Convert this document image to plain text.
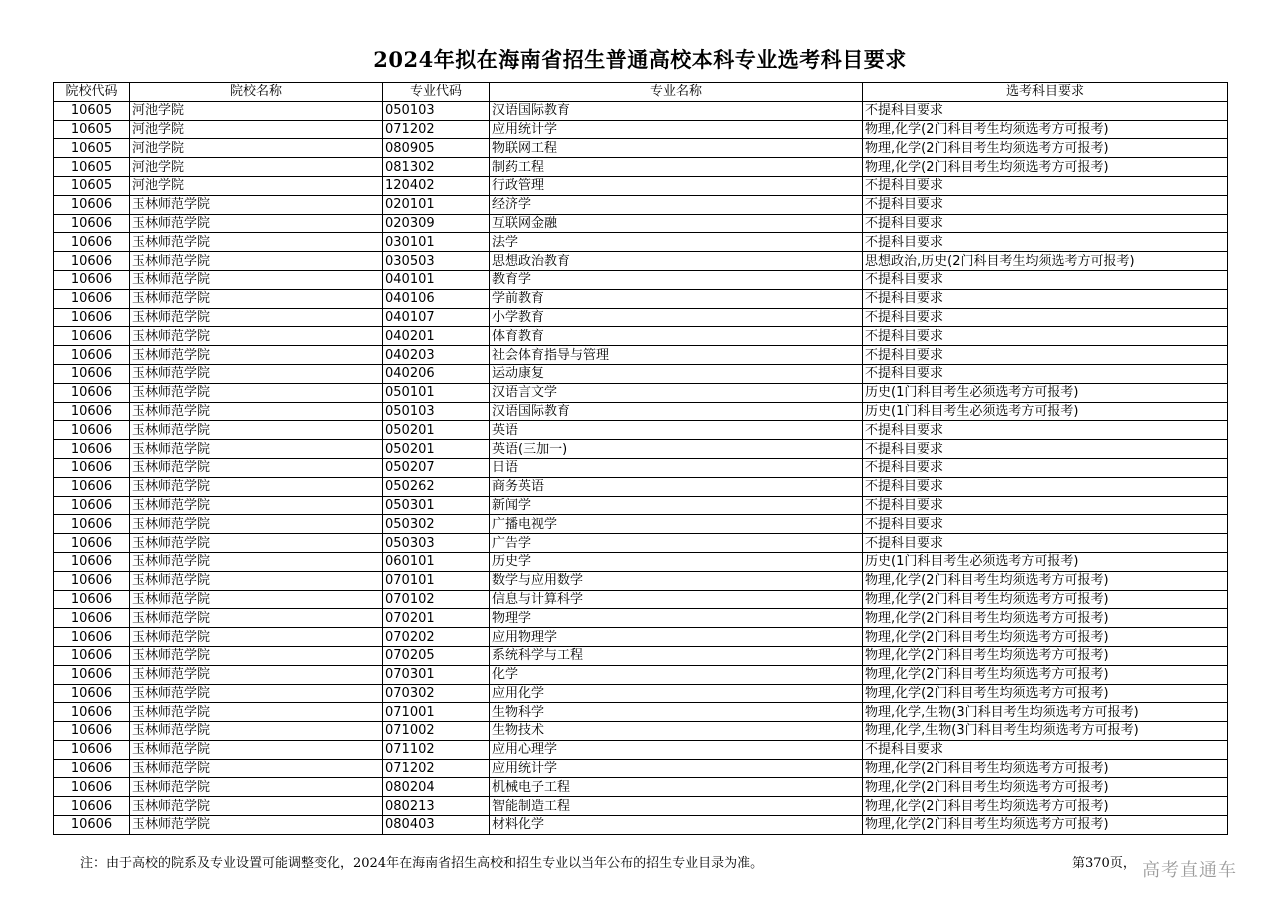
2024年拟在海南省招生普通高校本科专业选考科目要求
院校代码	院校名称	专业代码	专业名称	选考科目要求
10605	河池学院	050103	汉语国际教育	不提科目要求
10605	河池学院	071202	应用统计学	物理,化学(2门科目考生均须选考方可报考)
10605	河池学院	080905	物联网工程	物理,化学(2门科目考生均须选考方可报考)
10605	河池学院	081302	制药工程	物理,化学(2门科目考生均须选考方可报考)
10605	河池学院	120402	行政管理	不提科目要求
10606	玉林师范学院	020101	经济学	不提科目要求
10606	玉林师范学院	020309	互联网金融	不提科目要求
10606	玉林师范学院	030101	法学	不提科目要求
10606	玉林师范学院	030503	思想政治教育	思想政治,历史(2门科目考生均须选考方可报考)
10606	玉林师范学院	040101	教育学	不提科目要求
10606	玉林师范学院	040106	学前教育	不提科目要求
10606	玉林师范学院	040107	小学教育	不提科目要求
10606	玉林师范学院	040201	体育教育	不提科目要求
10606	玉林师范学院	040203	社会体育指导与管理	不提科目要求
10606	玉林师范学院	040206	运动康复	不提科目要求
10606	玉林师范学院	050101	汉语言文学	历史(1门科目考生必须选考方可报考)
10606	玉林师范学院	050103	汉语国际教育	历史(1门科目考生必须选考方可报考)
10606	玉林师范学院	050201	英语	不提科目要求
10606	玉林师范学院	050201	英语(三加一)	不提科目要求
10606	玉林师范学院	050207	日语	不提科目要求
10606	玉林师范学院	050262	商务英语	不提科目要求
10606	玉林师范学院	050301	新闻学	不提科目要求
10606	玉林师范学院	050302	广播电视学	不提科目要求
10606	玉林师范学院	050303	广告学	不提科目要求
10606	玉林师范学院	060101	历史学	历史(1门科目考生必须选考方可报考)
10606	玉林师范学院	070101	数学与应用数学	物理,化学(2门科目考生均须选考方可报考)
10606	玉林师范学院	070102	信息与计算科学	物理,化学(2门科目考生均须选考方可报考)
10606	玉林师范学院	070201	物理学	物理,化学(2门科目考生均须选考方可报考)
10606	玉林师范学院	070202	应用物理学	物理,化学(2门科目考生均须选考方可报考)
10606	玉林师范学院	070205	系统科学与工程	物理,化学(2门科目考生均须选考方可报考)
10606	玉林师范学院	070301	化学	物理,化学(2门科目考生均须选考方可报考)
10606	玉林师范学院	070302	应用化学	物理,化学(2门科目考生均须选考方可报考)
10606	玉林师范学院	071001	生物科学	物理,化学,生物(3门科目考生均须选考方可报考)
10606	玉林师范学院	071002	生物技术	物理,化学,生物(3门科目考生均须选考方可报考)
10606	玉林师范学院	071102	应用心理学	不提科目要求
10606	玉林师范学院	071202	应用统计学	物理,化学(2门科目考生均须选考方可报考)
10606	玉林师范学院	080204	机械电子工程	物理,化学(2门科目考生均须选考方可报考)
10606	玉林师范学院	080213	智能制造工程	物理,化学(2门科目考生均须选考方可报考)
10606	玉林师范学院	080403	材料化学	物理,化学(2门科目考生均须选考方可报考)
注：由于高校的院系及专业设置可能调整变化，2024年在海南省招生高校和招生专业以当年公布的招生专业目录为准。	第370页， 高考直通车
